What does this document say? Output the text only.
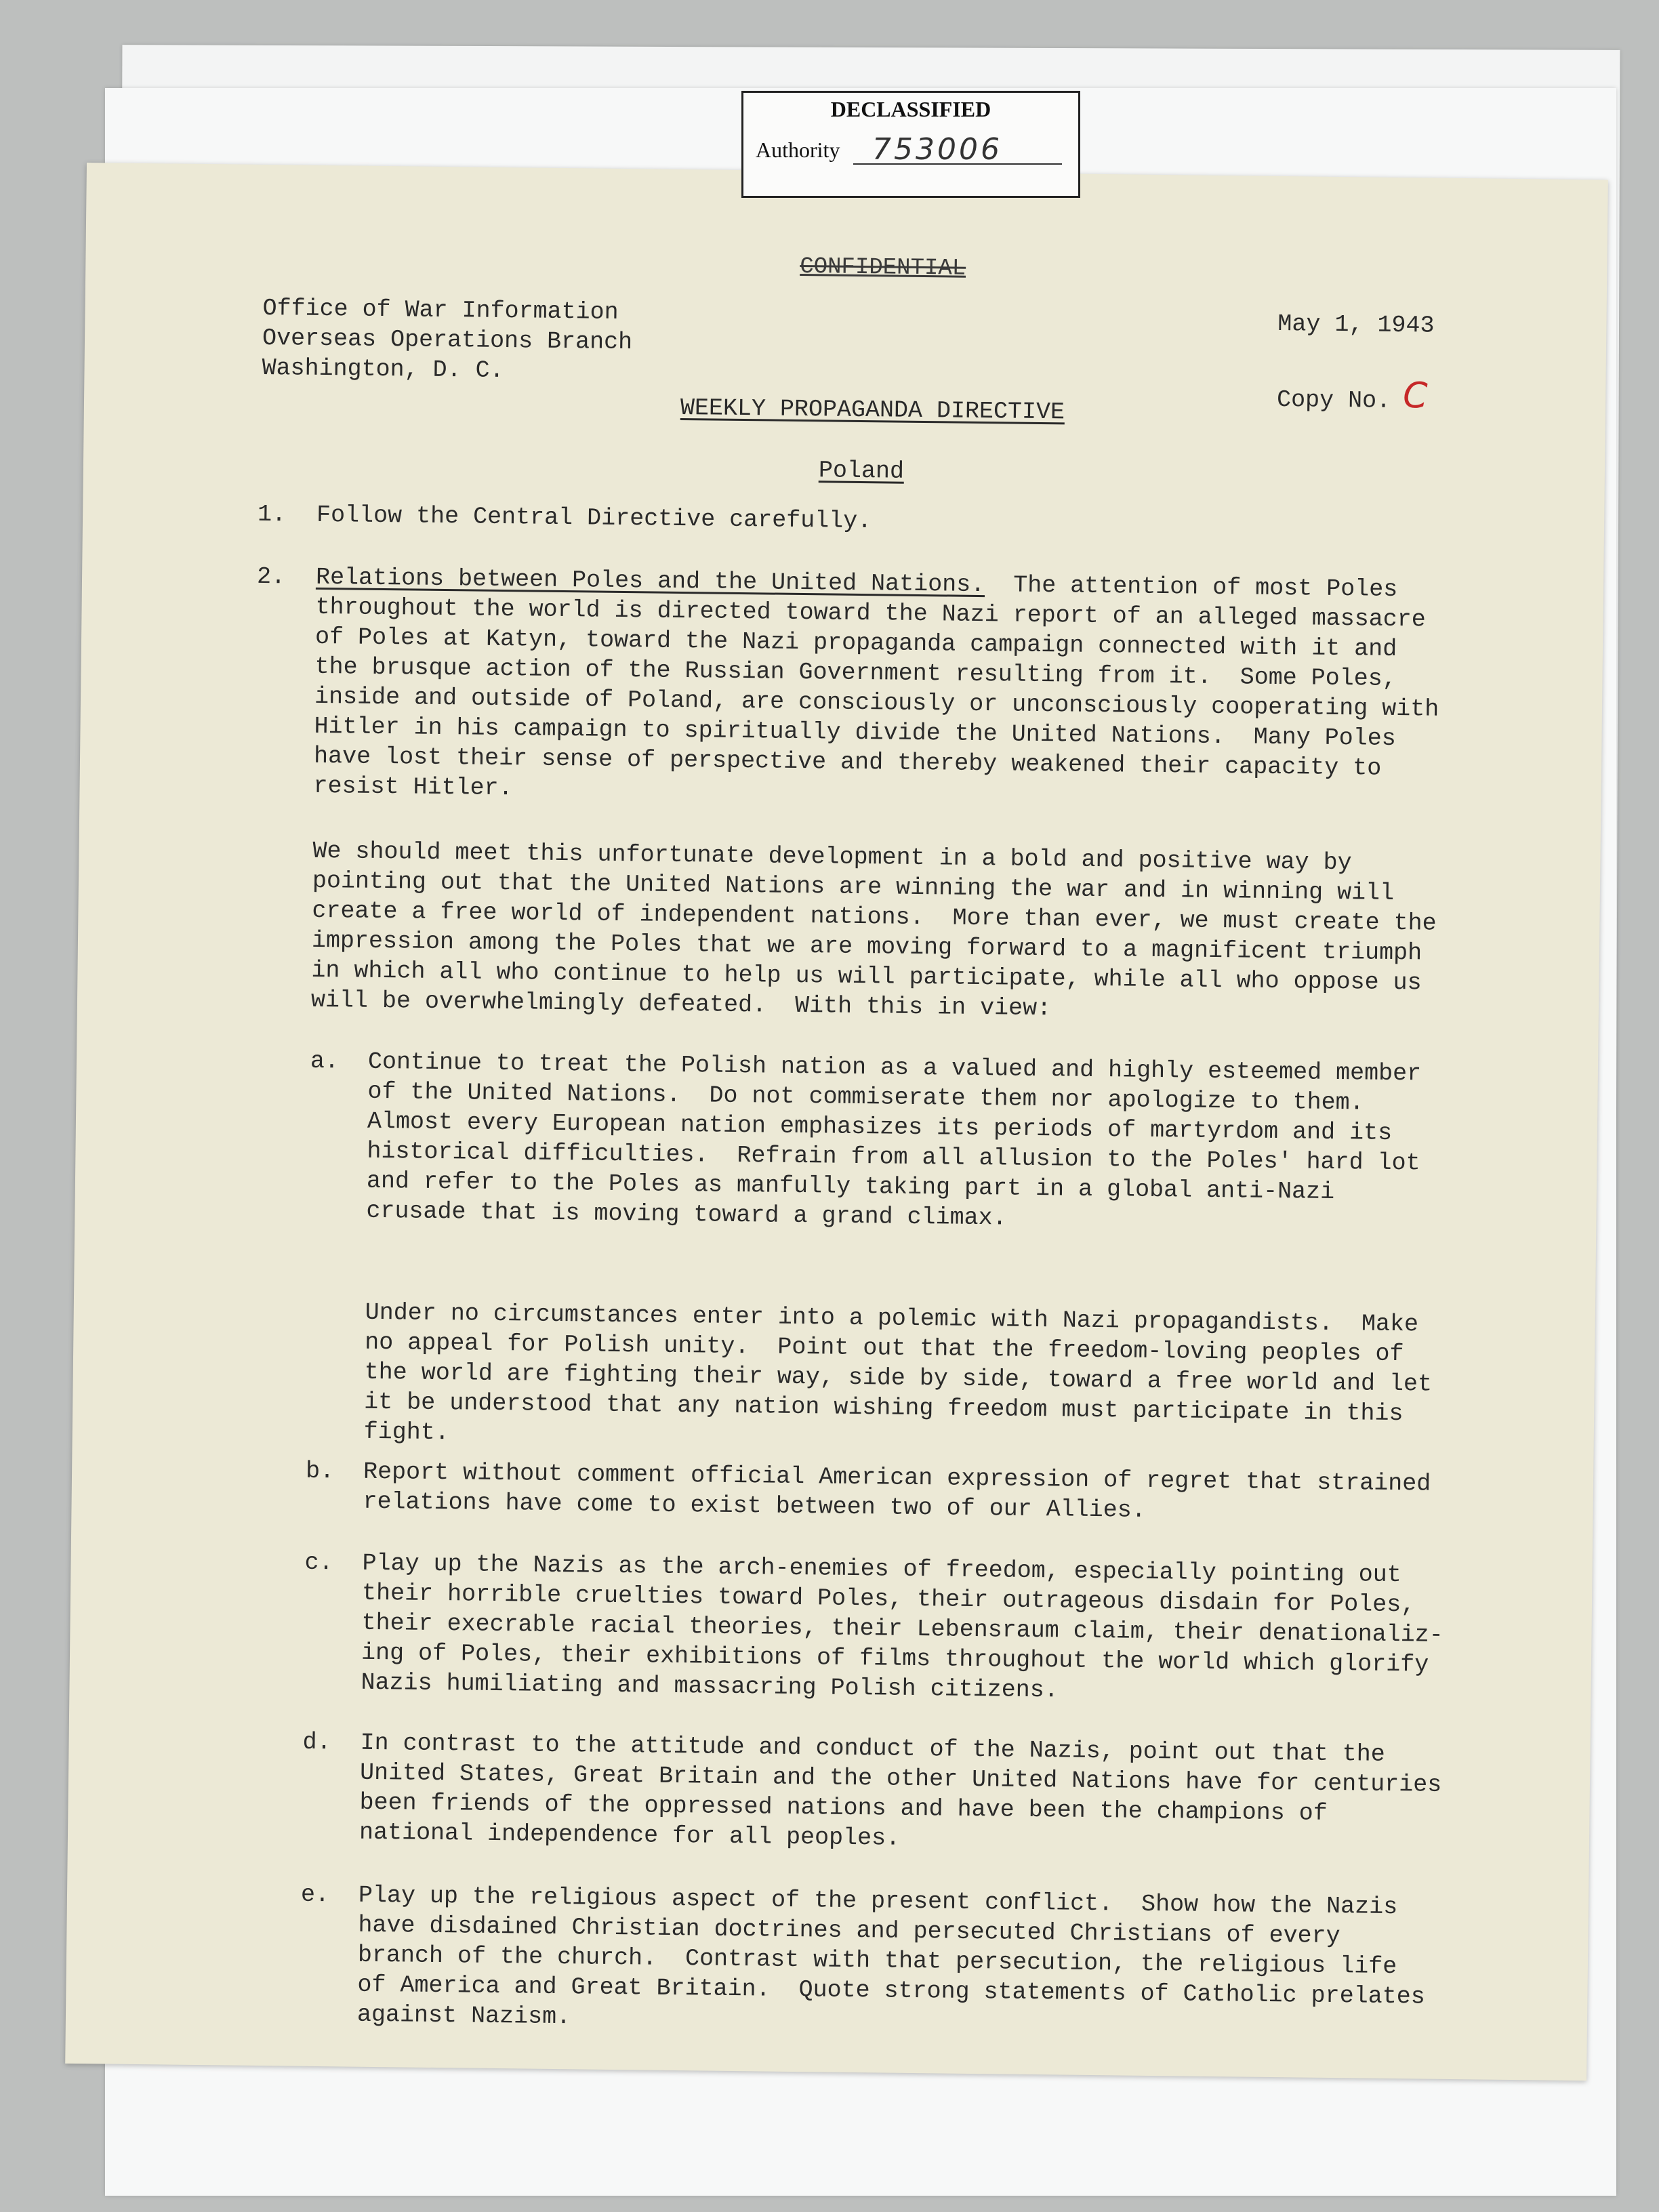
DECLASSIFIED
Authority 753006
CONFIDENTIAL
Office of War Information
Overseas Operations Branch
Washington, D. C.
May 1, 1943
Copy No. C
WEEKLY PROPAGANDA DIRECTIVE
Poland
1. Follow the Central Directive carefully.
2. Relations between Poles and the United Nations.  The attention of most Poles
throughout the world is directed toward the Nazi report of an alleged massacre
of Poles at Katyn, toward the Nazi propaganda campaign connected with it and
the brusque action of the Russian Government resulting from it.  Some Poles,
inside and outside of Poland, are consciously or unconsciously cooperating with
Hitler in his campaign to spiritually divide the United Nations.  Many Poles
have lost their sense of perspective and thereby weakened their capacity to
resist Hitler.
We should meet this unfortunate development in a bold and positive way by
pointing out that the United Nations are winning the war and in winning will
create a free world of independent nations.  More than ever, we must create the
impression among the Poles that we are moving forward to a magnificent triumph
in which all who continue to help us will participate, while all who oppose us
will be overwhelmingly defeated.  With this in view:
a. Continue to treat the Polish nation as a valued and highly esteemed member
of the United Nations.  Do not commiserate them nor apologize to them.
Almost every European nation emphasizes its periods of martyrdom and its
historical difficulties.  Refrain from all allusion to the Poles' hard lot
and refer to the Poles as manfully taking part in a global anti-Nazi
crusade that is moving toward a grand climax.
Under no circumstances enter into a polemic with Nazi propagandists.  Make
no appeal for Polish unity.  Point out that the freedom-loving peoples of
the world are fighting their way, side by side, toward a free world and let
it be understood that any nation wishing freedom must participate in this
fight.
b. Report without comment official American expression of regret that strained
relations have come to exist between two of our Allies.
c. Play up the Nazis as the arch-enemies of freedom, especially pointing out
their horrible cruelties toward Poles, their outrageous disdain for Poles,
their execrable racial theories, their Lebensraum claim, their denationaliz-
ing of Poles, their exhibitions of films throughout the world which glorify
Nazis humiliating and massacring Polish citizens.
d. In contrast to the attitude and conduct of the Nazis, point out that the
United States, Great Britain and the other United Nations have for centuries
been friends of the oppressed nations and have been the champions of
national independence for all peoples.
e. Play up the religious aspect of the present conflict.  Show how the Nazis
have disdained Christian doctrines and persecuted Christians of every
branch of the church.  Contrast with that persecution, the religious life
of America and Great Britain.  Quote strong statements of Catholic prelates
against Nazism.
